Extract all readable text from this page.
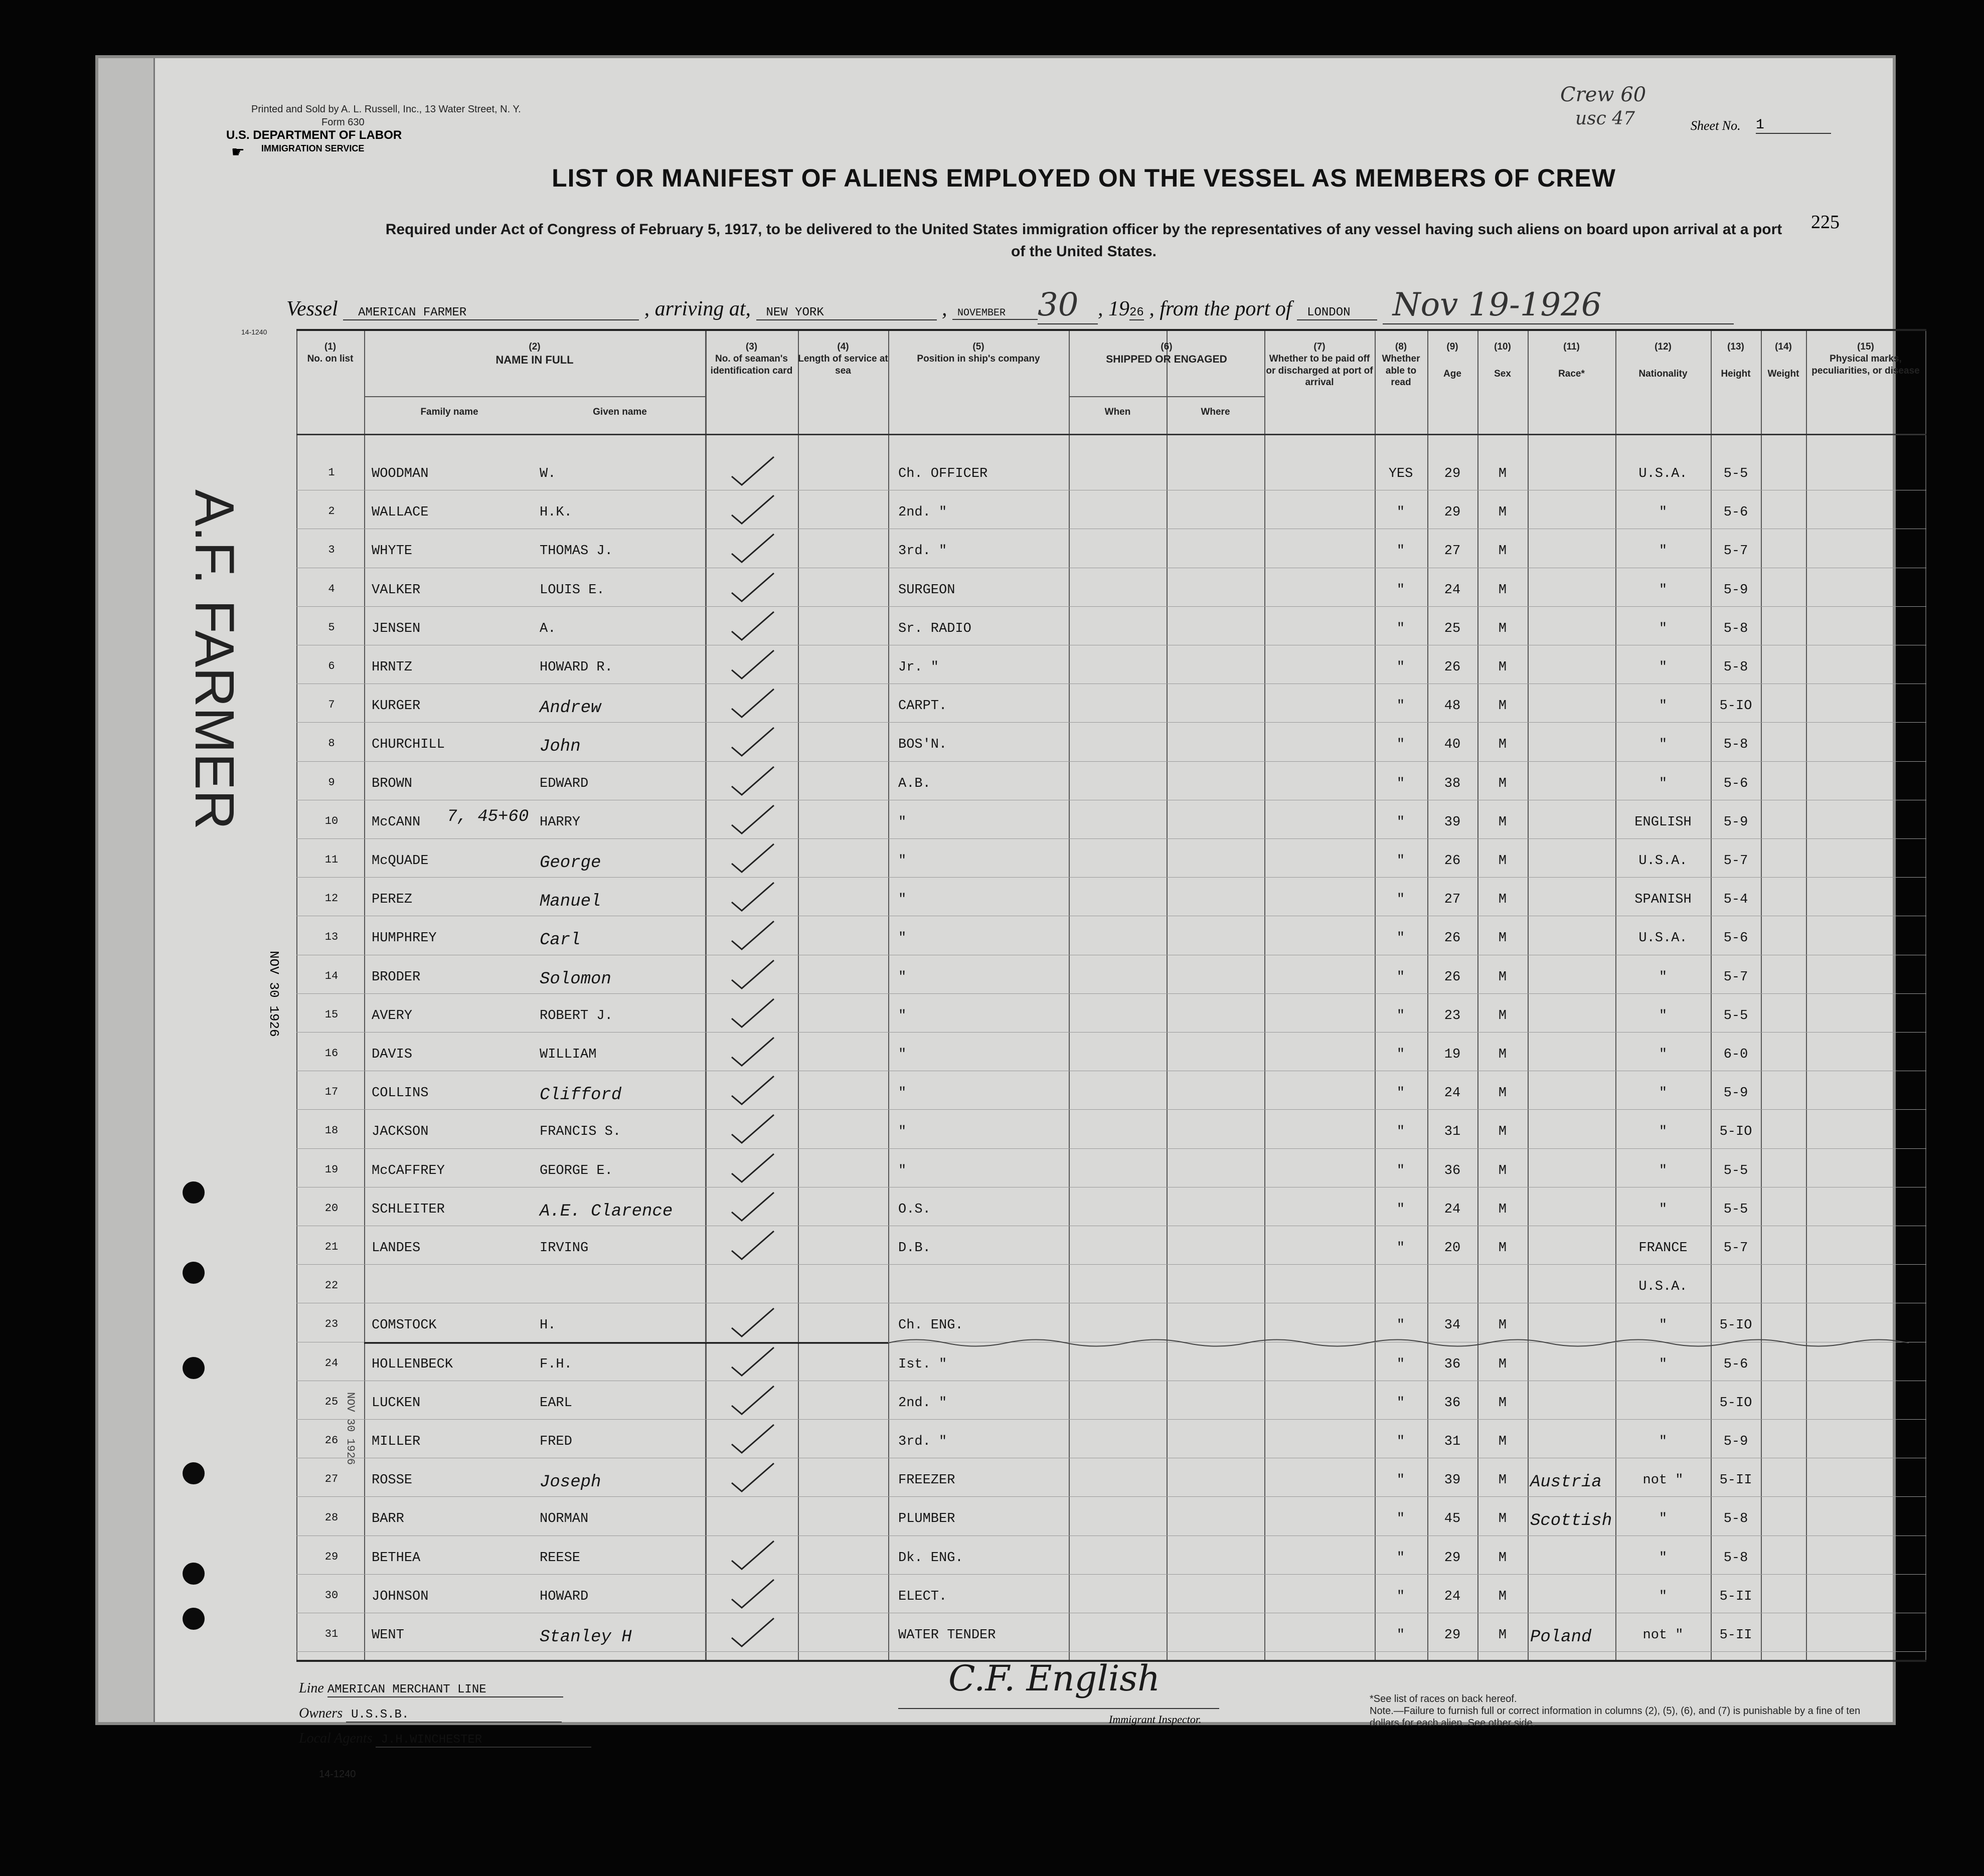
Printed and Sold by A. L. Russell, Inc., 13 Water Street, N. Y.
Form 630
U.S. DEPARTMENT OF LABOR
IMMIGRATION SERVICE
☛
Crew 60
usc 47	Sheet No. 1
225
LIST OR MANIFEST OF ALIENS EMPLOYED ON THE VESSEL AS MEMBERS OF CREW
Required under Act of Congress of February 5, 1917, to be delivered to the United States immigration officer by the representatives of any vessel having such aliens on board upon arrival at a port of the United States.
Vessel AMERICAN FARMER	, arriving at, NEW YORK	, NOVEMBER 30 , 1926 , from the port of LONDON Nov 19-1926
14-1240
A.F. FARMER
NOV 30 1926
NOV 30 1926
(1)
No. on list
(2)
NAME IN FULL
Family name	Given name
(3)
No. of seaman's identification card
(4)
Length of service at sea
(5)
Position in ship's company
(6)
SHIPPED OR ENGAGED
When	Where
(7)
Whether to be paid off or discharged at port of arrival
(8)
Whether able to read
(9)
Age
(10)
Sex
(11)
Race*
(12)
Nationality
(13)
Height
(14)
Weight
(15)
Physical marks, peculiarities, or disease
1	WOODMAN	W.	Ch. OFFICER	YES 29	M	U.S.A.	5-5
2	WALLACE	H.K.	2nd. "	"	29	M	"	5-6
3	WHYTE	THOMAS J.	3rd. "	"	27	M	"	5-7
4	VALKER	LOUIS E.	SURGEON	"	24	M	"	5-9
5	JENSEN	A.	Sr. RADIO	"	25	M	"	5-8
6	HRNTZ	HOWARD R.	Jr. "	"	26	M	"	5-8
7	KURGER	Andrew	CARPT.	"	48	M	"	5-IO
8	CHURCHILL	John	BOS'N.	"	40	M	"	5-8
9	BROWN	EDWARD	A.B.	"	38	M	"	5-6
10 McCANN	HARRY	"	"	39	M	ENGLISH 5-9
7, 45+60
11 McQUADE	George	"	"	26	M	U.S.A.	5-7
12 PEREZ	Manuel	"	"	27	M	SPANISH 5-4
13 HUMPHREY	Carl	"	"	26	M	U.S.A.	5-6
14 BRODER	Solomon	"	"	26	M	"	5-7
15 AVERY	ROBERT J.	"	"	23	M	"	5-5
16 DAVIS	WILLIAM	"	"	19	M	"	6-0
17 COLLINS	Clifford	"	"	24	M	"	5-9
18 JACKSON	FRANCIS S.	"	"	31	M	"	5-IO
19 McCAFFREY	GEORGE E.	"	"	36	M	"	5-5
20 SCHLEITER	A.E. Clarence	O.S.	"	24	M	"	5-5
21 LANDES	IRVING	D.B.	"	20	M	FRANCE	5-7
22	U.S.A.
23 COMSTOCK	H.	Ch. ENG.	"	34	M	"	5-IO
24 HOLLENBECK	F.H.	Ist. "	"	36	M	"	5-6
25 LUCKEN	EARL	2nd. "	"	36	M	5-IO
26 MILLER	FRED	3rd. "	"	31	M	"	5-9
27 ROSSE	Joseph	FREEZER	"	39	M Austria	not "	5-II
28 BARR	NORMAN	PLUMBER	"	45	M Scottish	"	5-8
29 BETHEA	REESE	Dk. ENG.	"	29	M	"	5-8
30 JOHNSON	HOWARD	ELECT.	"	24	M	"	5-II
31 WENT	Stanley H	WATER TENDER	"	29	M Poland	not "	5-II
Line AMERICAN MERCHANT LINE
Owners U.S.S.B.
Local Agents J.H.WINCHESTER
14-1240
C.F. English
Immigrant Inspector.
*See list of races on back hereof.
Note.—Failure to furnish full or correct information in columns (2), (5), (6), and (7) is punishable by a fine of ten dollars for each alien. See other side.
